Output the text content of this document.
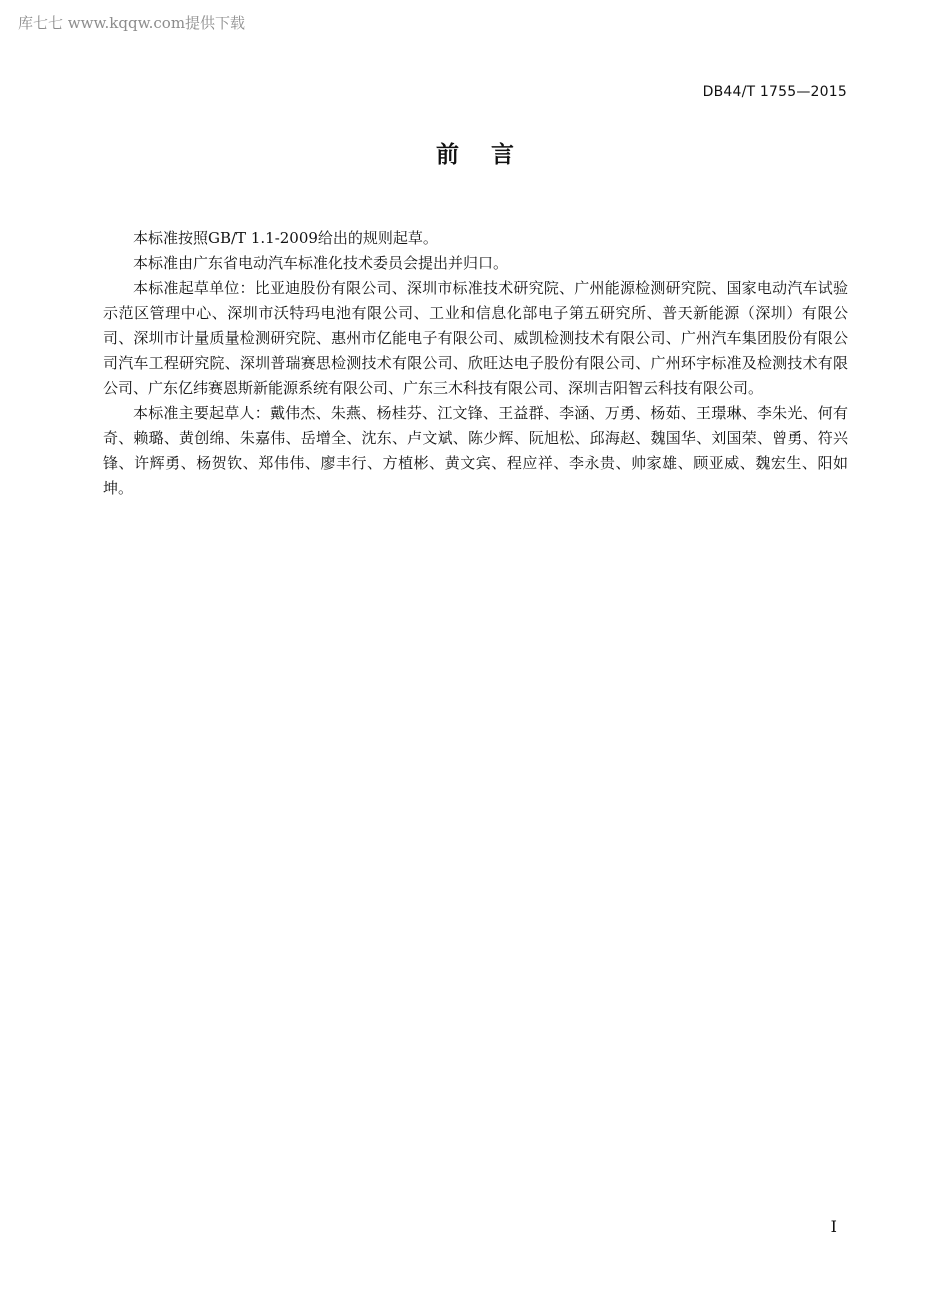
库七七 www.kqqw.com提供下载
DB44/T 1755—2015
前    言

本标准按照GB/T 1.1-2009给出的规则起草。

本标准由广东省电动汽车标准化技术委员会提出并归口。

本标准起草单位：比亚迪股份有限公司、深圳市标准技术研究院、广州能源检测研究院、国家电动汽车试验示范区管理中心、深圳市沃特玛电池有限公司、工业和信息化部电子第五研究所、普天新能源（深圳）有限公司、深圳市计量质量检测研究院、惠州市亿能电子有限公司、威凯检测技术有限公司、广州汽车集团股份有限公司汽车工程研究院、深圳普瑞赛思检测技术有限公司、欣旺达电子股份有限公司、广州环宇标准及检测技术有限公司、广东亿纬赛恩斯新能源系统有限公司、广东三木科技有限公司、深圳吉阳智云科技有限公司。

本标准主要起草人：戴伟杰、朱燕、杨桂芬、江文锋、王益群、李涵、万勇、杨茹、王璟琳、李朱光、何有奇、赖璐、黄创绵、朱嘉伟、岳增全、沈东、卢文斌、陈少辉、阮旭松、邱海赵、魏国华、刘国荣、曾勇、符兴锋、许辉勇、杨贺钦、郑伟伟、廖丰行、方植彬、黄文宾、程应祥、李永贵、帅家雄、顾亚威、魏宏生、阳如坤。

I
